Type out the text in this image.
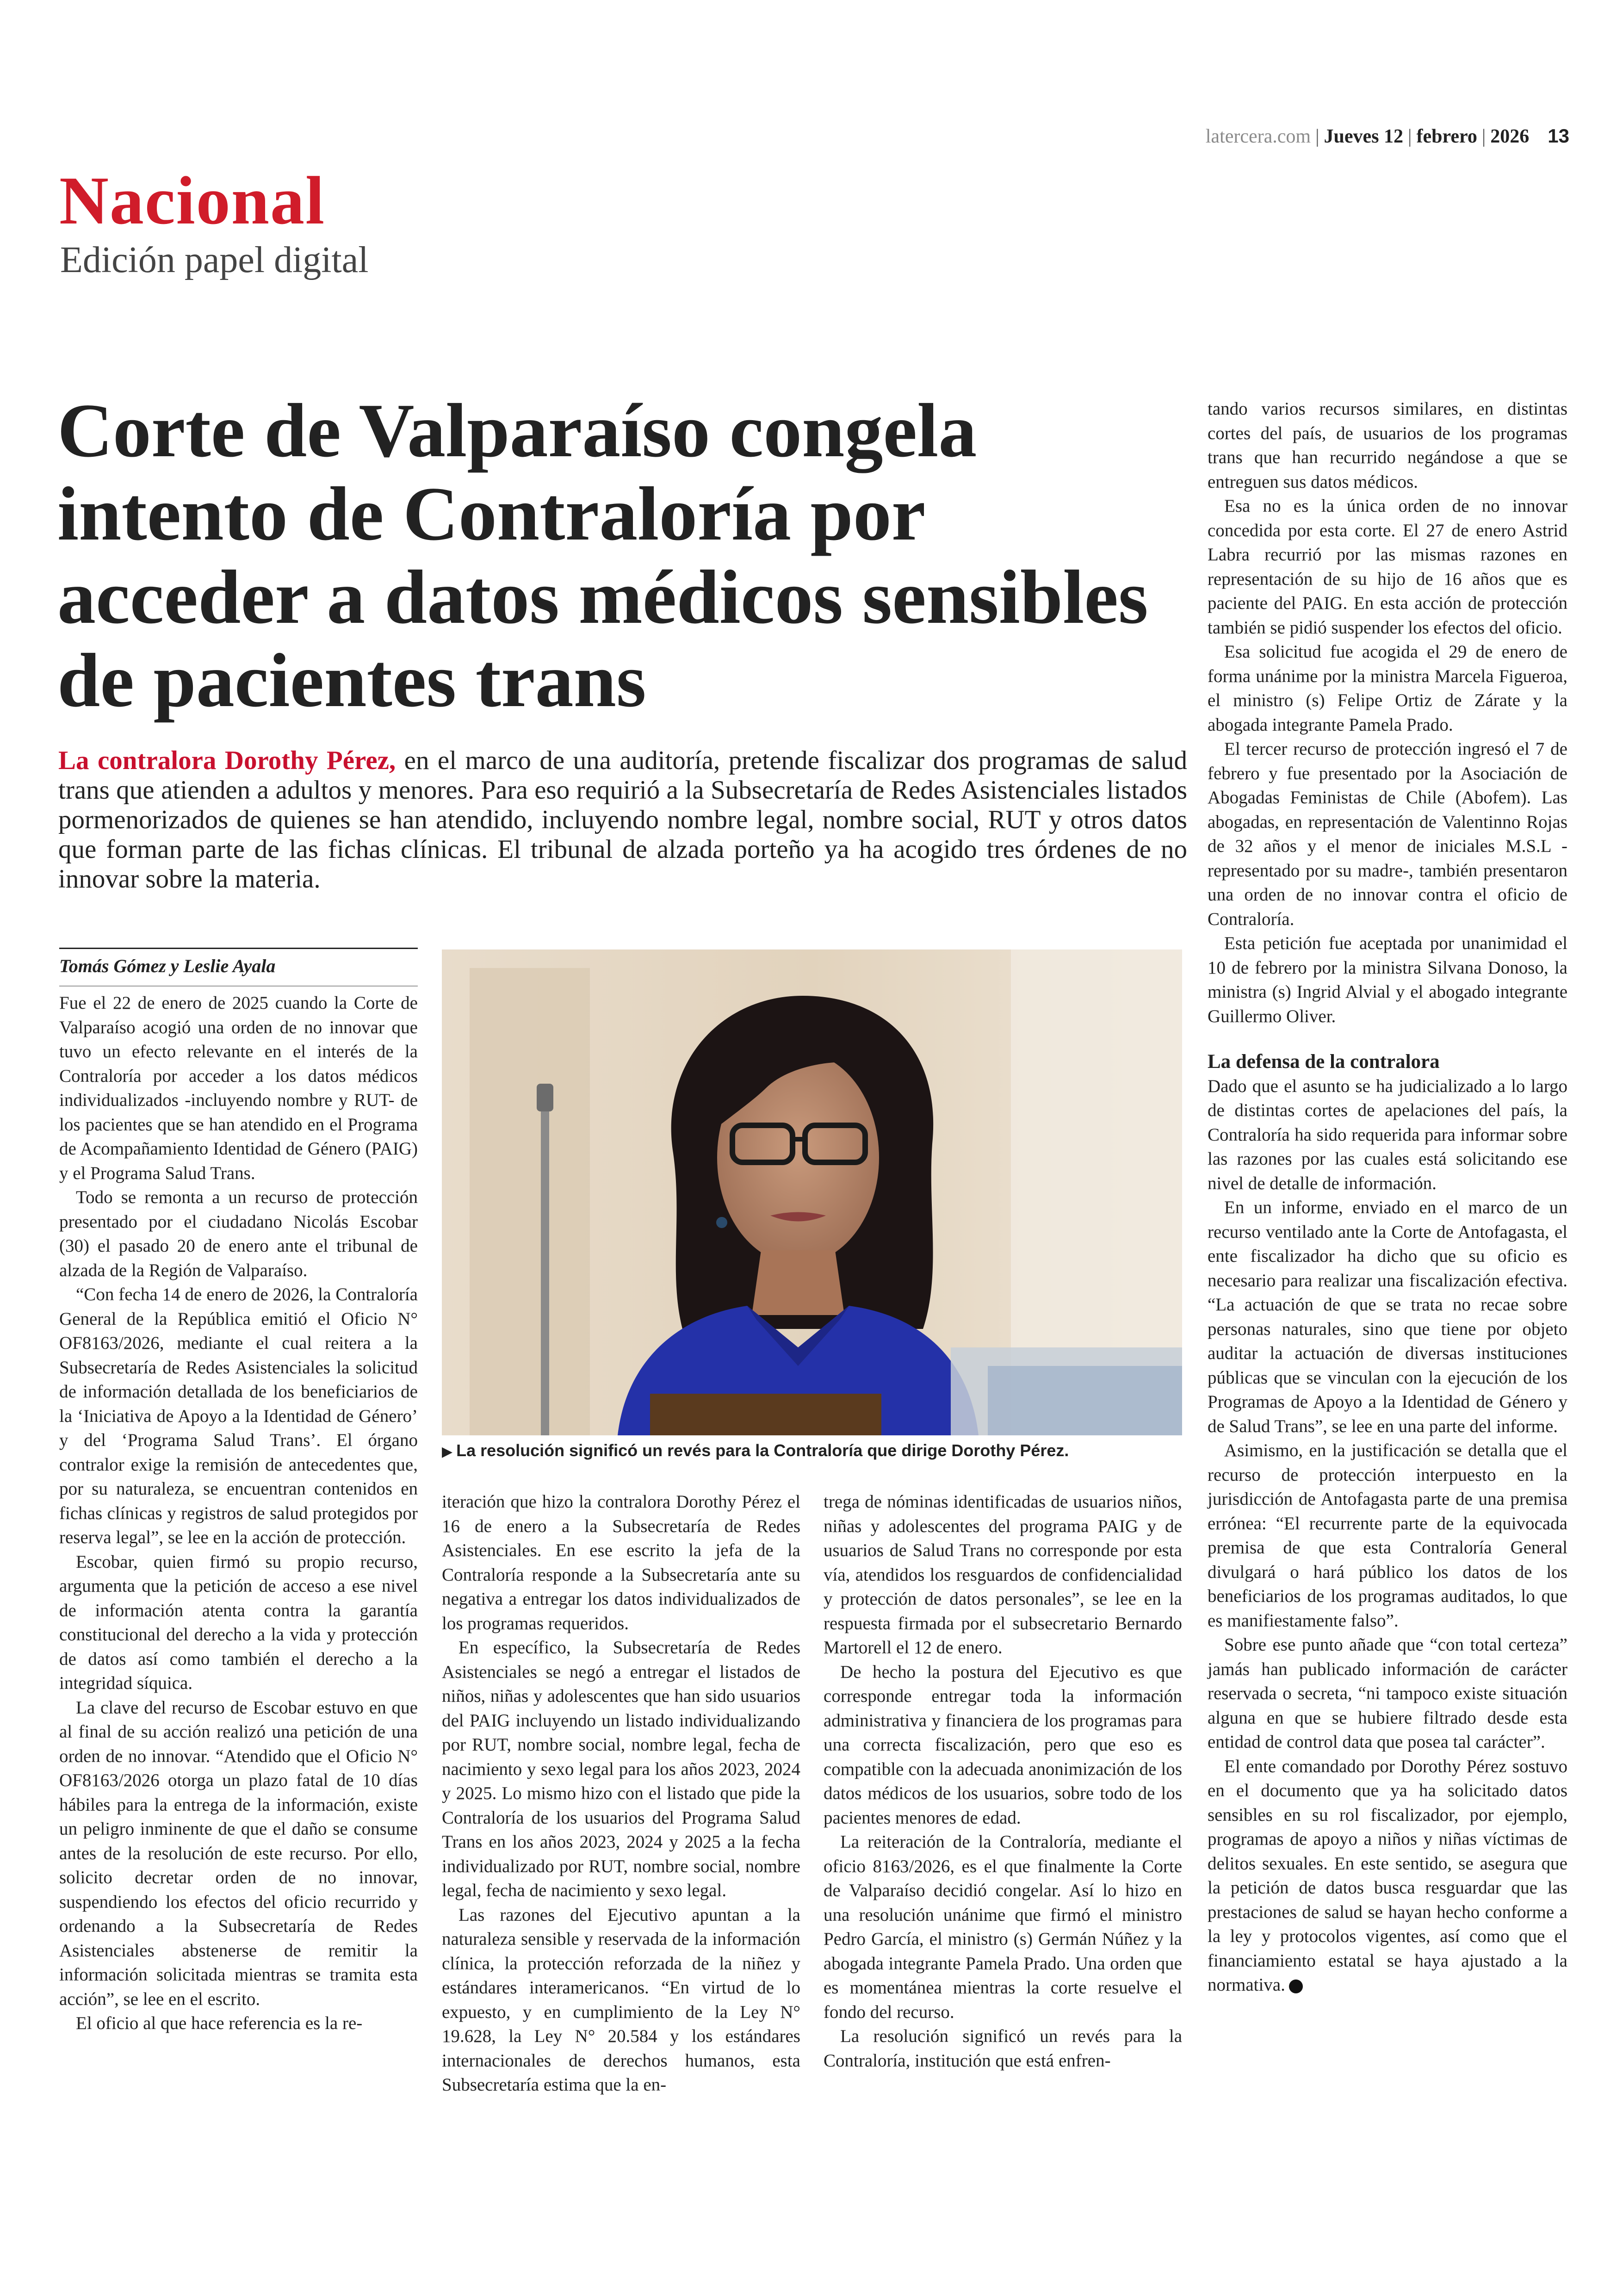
latercera.com | Jueves 12 | febrero | 2026 13
Nacional
Edición papel digital
Corte de Valparaíso congela intento de Contraloría por acceder a datos médicos sensibles de pacientes trans

La contralora Dorothy Pérez, en el marco de una auditoría, pretende fiscalizar dos programas de salud trans que atienden a adultos y menores. Para eso requirió a la Subsecretaría de Redes Asistenciales listados pormenorizados de quienes se han atendido, incluyendo nombre legal, nombre social, RUT y otros datos que forman parte de las fichas clínicas. El tribunal de alzada porteño ya ha acogido tres órdenes de no innovar sobre la materia.

Tomás Gómez y Leslie Ayala

Fue el 22 de enero de 2025 cuando la Corte de Valparaíso acogió una orden de no innovar que tuvo un efecto relevante en el interés de la Contraloría por acceder a los datos médicos individualizados -incluyendo nombre y RUT- de los pacientes que se han atendido en el Programa de Acompañamiento Identidad de Género (PAIG) y el Programa Salud Trans.

Todo se remonta a un recurso de protección presentado por el ciudadano Nicolás Escobar (30) el pasado 20 de enero ante el tribunal de alzada de la Región de Valparaíso.

“Con fecha 14 de enero de 2026, la Contraloría General de la República emitió el Oficio N° OF8163/2026, mediante el cual reitera a la Subsecretaría de Redes Asistenciales la solicitud de información detallada de los beneficiarios de la ‘Iniciativa de Apoyo a la Identidad de Género’ y del ‘Programa Salud Trans’. El órgano contralor exige la remisión de antecedentes que, por su naturaleza, se encuentran contenidos en fichas clínicas y registros de salud protegidos por reserva legal”, se lee en la acción de protección.

Escobar, quien firmó su propio recurso, argumenta que la petición de acceso a ese nivel de información atenta contra la garantía constitucional del derecho a la vida y protección de datos así como también el derecho a la integridad síquica.

La clave del recurso de Escobar estuvo en que al final de su acción realizó una petición de una orden de no innovar. “Atendido que el Oficio N° OF8163/2026 otorga un plazo fatal de 10 días hábiles para la entrega de la información, existe un peligro inminente de que el daño se consume antes de la resolución de este recurso. Por ello, solicito decretar orden de no innovar, suspendiendo los efectos del oficio recurrido y ordenando a la Subsecretaría de Redes Asistenciales abstenerse de remitir la información solicitada mientras se tramita esta acción”, se lee en el escrito.

El oficio al que hace referencia es la re-

▶ La resolución significó un revés para la Contraloría que dirige Dorothy Pérez.

iteración que hizo la contralora Dorothy Pérez el 16 de enero a la Subsecretaría de Redes Asistenciales. En ese escrito la jefa de la Contraloría responde a la Subsecretaría ante su negativa a entregar los datos individualizados de los programas requeridos.

En específico, la Subsecretaría de Redes Asistenciales se negó a entregar el listados de niños, niñas y adolescentes que han sido usuarios del PAIG incluyendo un listado individualizando por RUT, nombre social, nombre legal, fecha de nacimiento y sexo legal para los años 2023, 2024 y 2025. Lo mismo hizo con el listado que pide la Contraloría de los usuarios del Programa Salud Trans en los años 2023, 2024 y 2025 a la fecha individualizado por RUT, nombre social, nombre legal, fecha de nacimiento y sexo legal.

Las razones del Ejecutivo apuntan a la naturaleza sensible y reservada de la información clínica, la protección reforzada de la niñez y estándares interamericanos. “En virtud de lo expuesto, y en cumplimiento de la Ley N° 19.628, la Ley N° 20.584 y los estándares internacionales de derechos humanos, esta Subsecretaría estima que la en-

trega de nóminas identificadas de usuarios niños, niñas y adolescentes del programa PAIG y de usuarios de Salud Trans no corresponde por esta vía, atendidos los resguardos de confidencialidad y protección de datos personales”, se lee en la respuesta firmada por el subsecretario Bernardo Martorell el 12 de enero.

De hecho la postura del Ejecutivo es que corresponde entregar toda la información administrativa y financiera de los programas para una correcta fiscalización, pero que eso es compatible con la adecuada anonimización de los datos médicos de los usuarios, sobre todo de los pacientes menores de edad.

La reiteración de la Contraloría, mediante el oficio 8163/2026, es el que finalmente la Corte de Valparaíso decidió congelar. Así lo hizo en una resolución unánime que firmó el ministro Pedro García, el ministro (s) Germán Núñez y la abogada integrante Pamela Prado. Una orden que es momentánea mientras la corte resuelve el fondo del recurso.

La resolución significó un revés para la Contraloría, institución que está enfren-

tando varios recursos similares, en distintas cortes del país, de usuarios de los programas trans que han recurrido negándose a que se entreguen sus datos médicos.

Esa no es la única orden de no innovar concedida por esta corte. El 27 de enero Astrid Labra recurrió por las mismas razones en representación de su hijo de 16 años que es paciente del PAIG. En esta acción de protección también se pidió suspender los efectos del oficio.

Esa solicitud fue acogida el 29 de enero de forma unánime por la ministra Marcela Figueroa, el ministro (s) Felipe Ortiz de Zárate y la abogada integrante Pamela Prado.

El tercer recurso de protección ingresó el 7 de febrero y fue presentado por la Asociación de Abogadas Feministas de Chile (Abofem). Las abogadas, en representación de Valentinno Rojas de 32 años y el menor de iniciales M.S.L -representado por su madre-, también presentaron una orden de no innovar contra el oficio de Contraloría.

Esta petición fue aceptada por unanimidad el 10 de febrero por la ministra Silvana Donoso, la ministra (s) Ingrid Alvial y el abogado integrante Guillermo Oliver.

La defensa de la contralora

Dado que el asunto se ha judicializado a lo largo de distintas cortes de apelaciones del país, la Contraloría ha sido requerida para informar sobre las razones por las cuales está solicitando ese nivel de detalle de información.

En un informe, enviado en el marco de un recurso ventilado ante la Corte de Antofagasta, el ente fiscalizador ha dicho que su oficio es necesario para realizar una fiscalización efectiva. “La actuación de que se trata no recae sobre personas naturales, sino que tiene por objeto auditar la actuación de diversas instituciones públicas que se vinculan con la ejecución de los Programas de Apoyo a la Identidad de Género y de Salud Trans”, se lee en una parte del informe.

Asimismo, en la justificación se detalla que el recurso de protección interpuesto en la jurisdicción de Antofagasta parte de una premisa errónea: “El recurrente parte de la equivocada premisa de que esta Contraloría General divulgará o hará público los datos de los beneficiarios de los programas auditados, lo que es manifiestamente falso”.

Sobre ese punto añade que “con total certeza” jamás han publicado información de carácter reservada o secreta, “ni tampoco existe situación alguna en que se hubiere filtrado desde esta entidad de control data que posea tal carácter”.

El ente comandado por Dorothy Pérez sostuvo en el documento que ya ha solicitado datos sensibles en su rol fiscalizador, por ejemplo, programas de apoyo a niños y niñas víctimas de delitos sexuales. En este sentido, se asegura que la petición de datos busca resguardar que las prestaciones de salud se hayan hecho conforme a la ley y protocolos vigentes, así como que el financiamiento estatal se haya ajustado a la normativa.
